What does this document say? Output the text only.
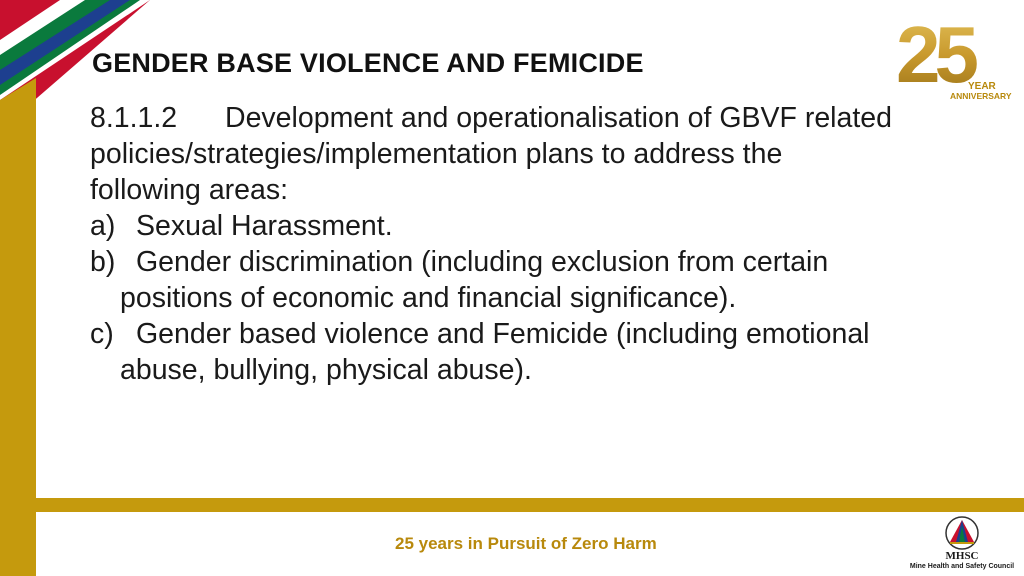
GENDER BASE VIOLENCE AND FEMICIDE
8.1.1.2 Development and operationalisation of GBVF related
policies/strategies/implementation plans to address the
following areas:
a) Sexual Harassment.
b) Gender discrimination (including exclusion from certain
positions of economic and financial significance).
c) Gender based violence and Femicide (including emotional
abuse, bullying, physical abuse).
25
YEAR
ANNIVERSARY
25 years in Pursuit of Zero Harm
MHSC
Mine Health and Safety Council
